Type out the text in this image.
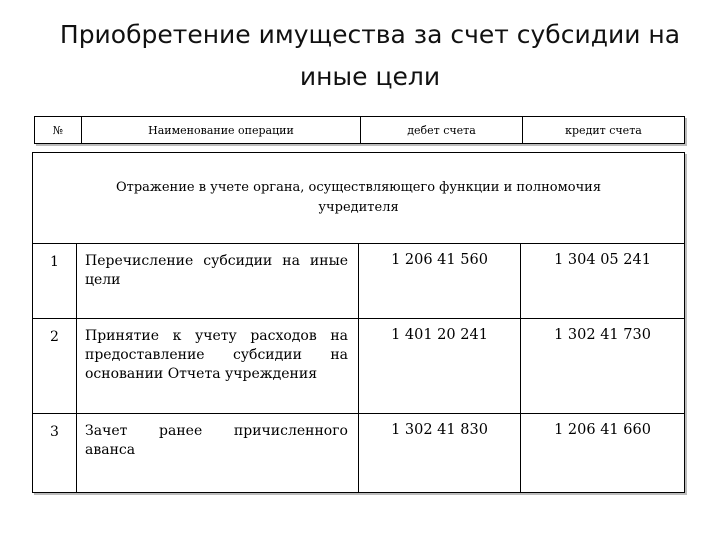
Приобретение имущества за счет субсидии на иные цели
№	Наименование операции	дебет счета	кредит счета
Отражение в учете органа, осуществляющего функции и полномочия учредителя			
1	Перечисление субсидии на иные цели	1 206 41 560	1 304 05 241
2	Принятие к учету расходов на предоставление субсидии на основании Отчета учреждения	1 401 20 241	1 302 41 730
3	Зачет ранее причисленного аванса	1 302 41 830	1 206 41 660
